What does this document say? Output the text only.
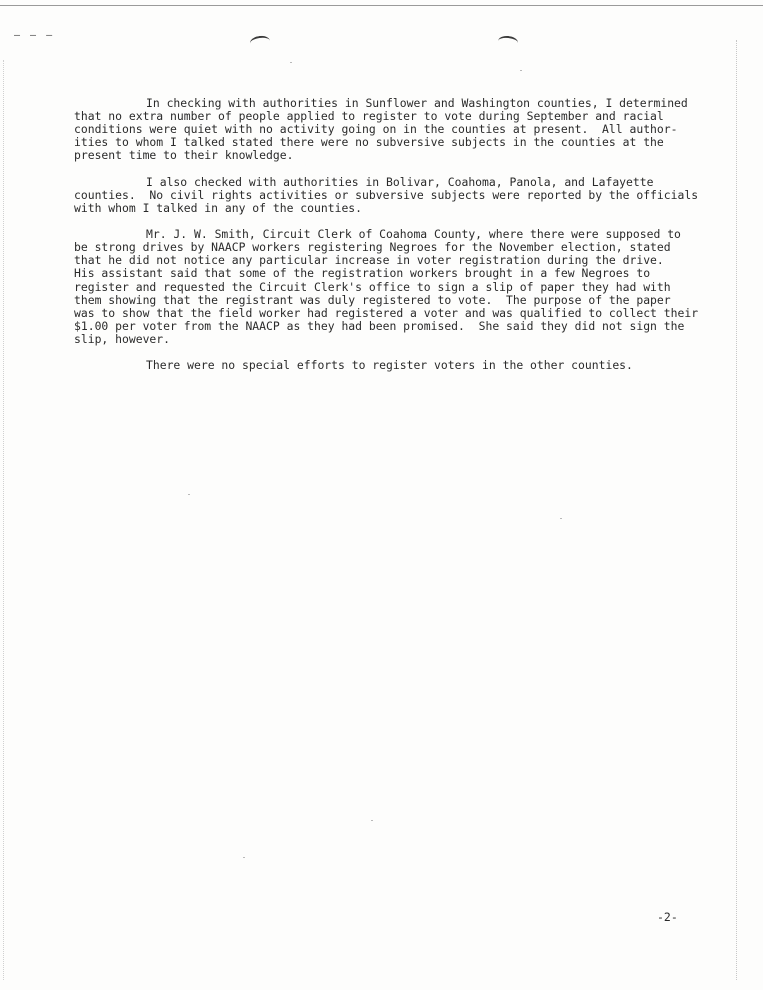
— — —
In checking with authorities in Sunflower and Washington counties, I determined
that no extra number of people applied to register to vote during September and racial
conditions were quiet with no activity going on in the counties at present.  All author-
ities to whom I talked stated there were no subversive subjects in the counties at the
present time to their knowledge.
I also checked with authorities in Bolivar, Coahoma, Panola, and Lafayette
counties.  No civil rights activities or subversive subjects were reported by the officials
with whom I talked in any of the counties.
Mr. J. W. Smith, Circuit Clerk of Coahoma County, where there were supposed to
be strong drives by NAACP workers registering Negroes for the November election, stated
that he did not notice any particular increase in voter registration during the drive.
His assistant said that some of the registration workers brought in a few Negroes to
register and requested the Circuit Clerk's office to sign a slip of paper they had with
them showing that the registrant was duly registered to vote.  The purpose of the paper
was to show that the field worker had registered a voter and was qualified to collect their
$1.00 per voter from the NAACP as they had been promised.  She said they did not sign the
slip, however.
There were no special efforts to register voters in the other counties.
-2-
